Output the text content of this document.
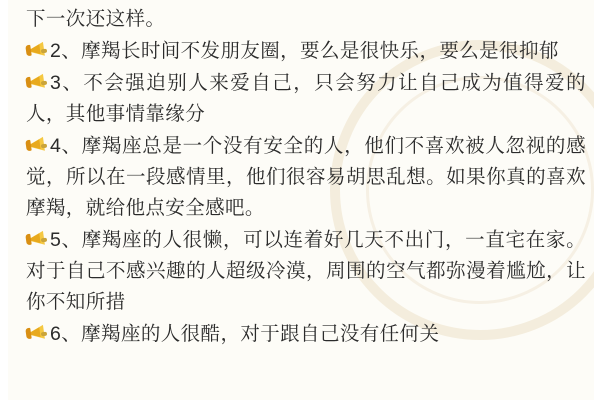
下一次还这样。
2、摩羯长时间不发朋友圈，要么是很快乐，要么是很抑郁
3、不会强迫别人来爱自己，只会努力让自己成为值得爱的人，其他事情靠缘分
4、摩羯座总是一个没有安全的人，他们不喜欢被人忽视的感觉，所以在一段感情里，他们很容易胡思乱想。如果你真的喜欢摩羯，就给他点安全感吧。
5、摩羯座的人很懒，可以连着好几天不出门，一直宅在家。对于自己不感兴趣的人超级冷漠，周围的空气都弥漫着尴尬，让你不知所措
6、摩羯座的人很酷，对于跟自己没有任何关
